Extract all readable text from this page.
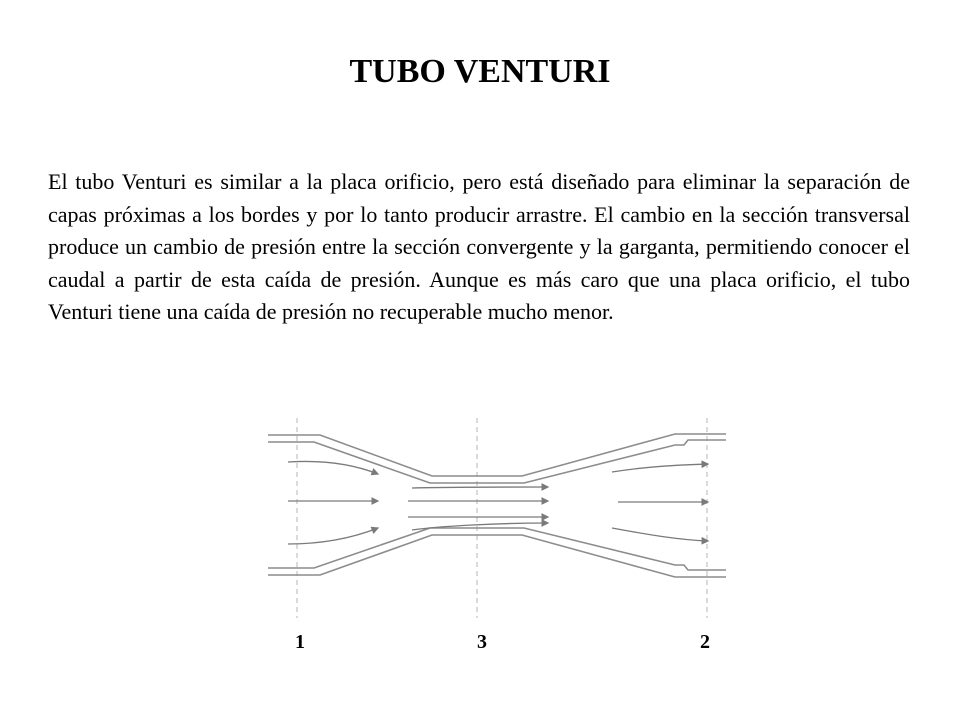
TUBO VENTURI

El tubo Venturi es similar a la placa orificio, pero está diseñado para eliminar la separación de capas próximas a los bordes y por lo tanto producir arrastre. El cambio en la sección transversal produce un cambio de presión entre la sección convergente y la garganta, permitiendo conocer el caudal a partir de esta caída de presión. Aunque es más caro que una placa orificio, el tubo Venturi tiene una caída de presión no recuperable mucho menor.

1	3	2
